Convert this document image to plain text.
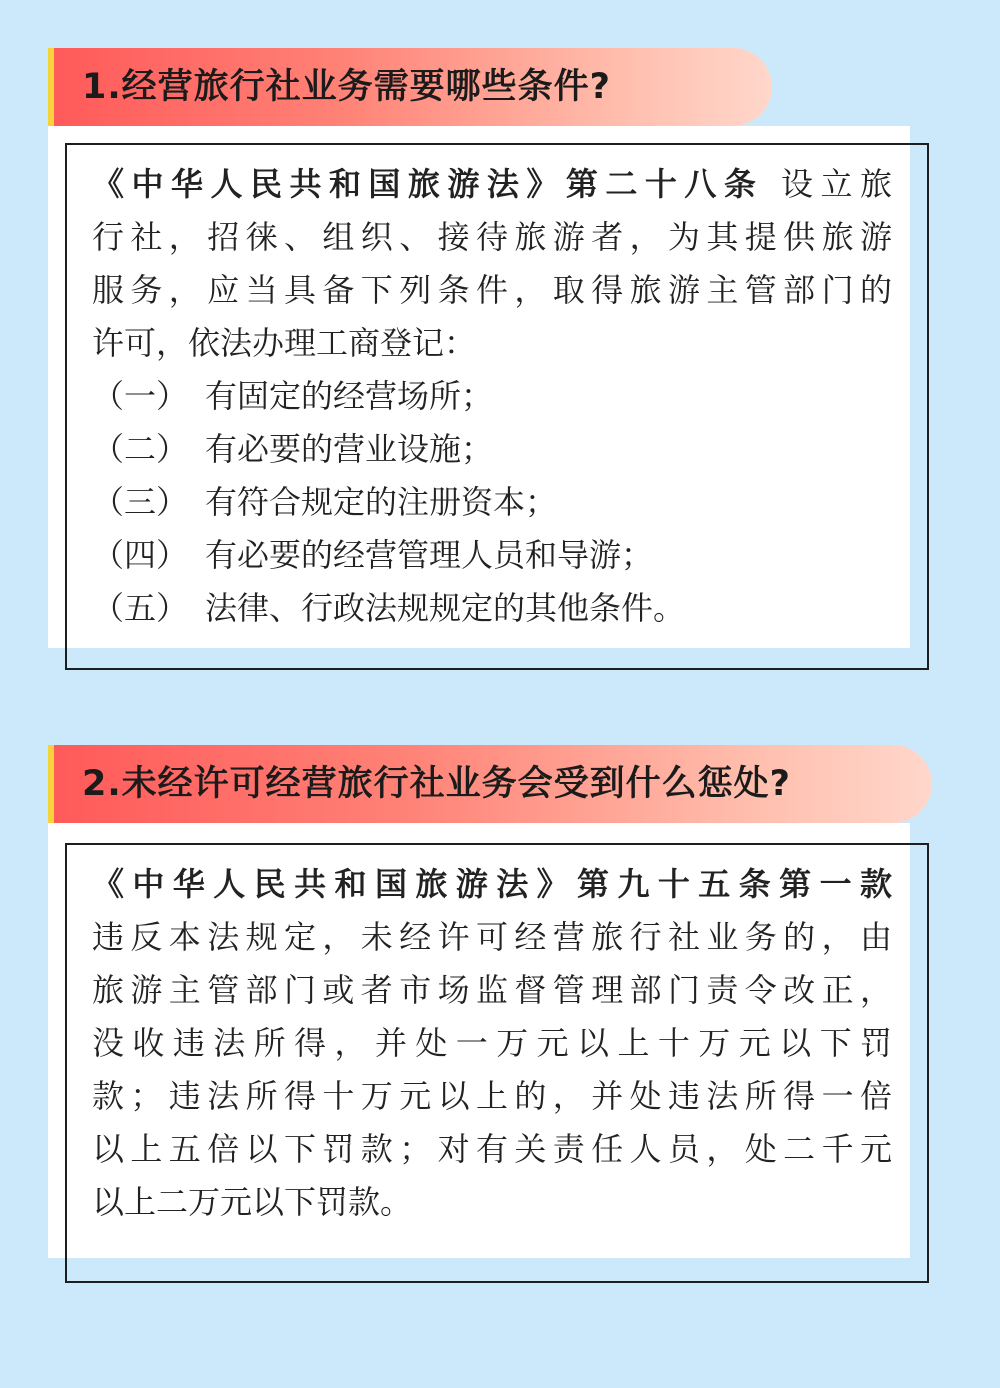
1.经营旅行社业务需要哪些条件?
《中华人民共和国旅游法》第二十八条 设立旅
行社，招徕、组织、接待旅游者，为其提供旅游
服务，应当具备下列条件，取得旅游主管部门的
许可，依法办理工商登记：
（一） 有固定的经营场所；
（二） 有必要的营业设施；
（三） 有符合规定的注册资本；
（四） 有必要的经营管理人员和导游；
（五） 法律、行政法规规定的其他条件。
2.未经许可经营旅行社业务会受到什么惩处?
《中华人民共和国旅游法》第九十五条第一款
违反本法规定，未经许可经营旅行社业务的，由
旅游主管部门或者市场监督管理部门责令改正，
没收违法所得，并处一万元以上十万元以下罚
款；违法所得十万元以上的，并处违法所得一倍
以上五倍以下罚款；对有关责任人员，处二千元
以上二万元以下罚款。
